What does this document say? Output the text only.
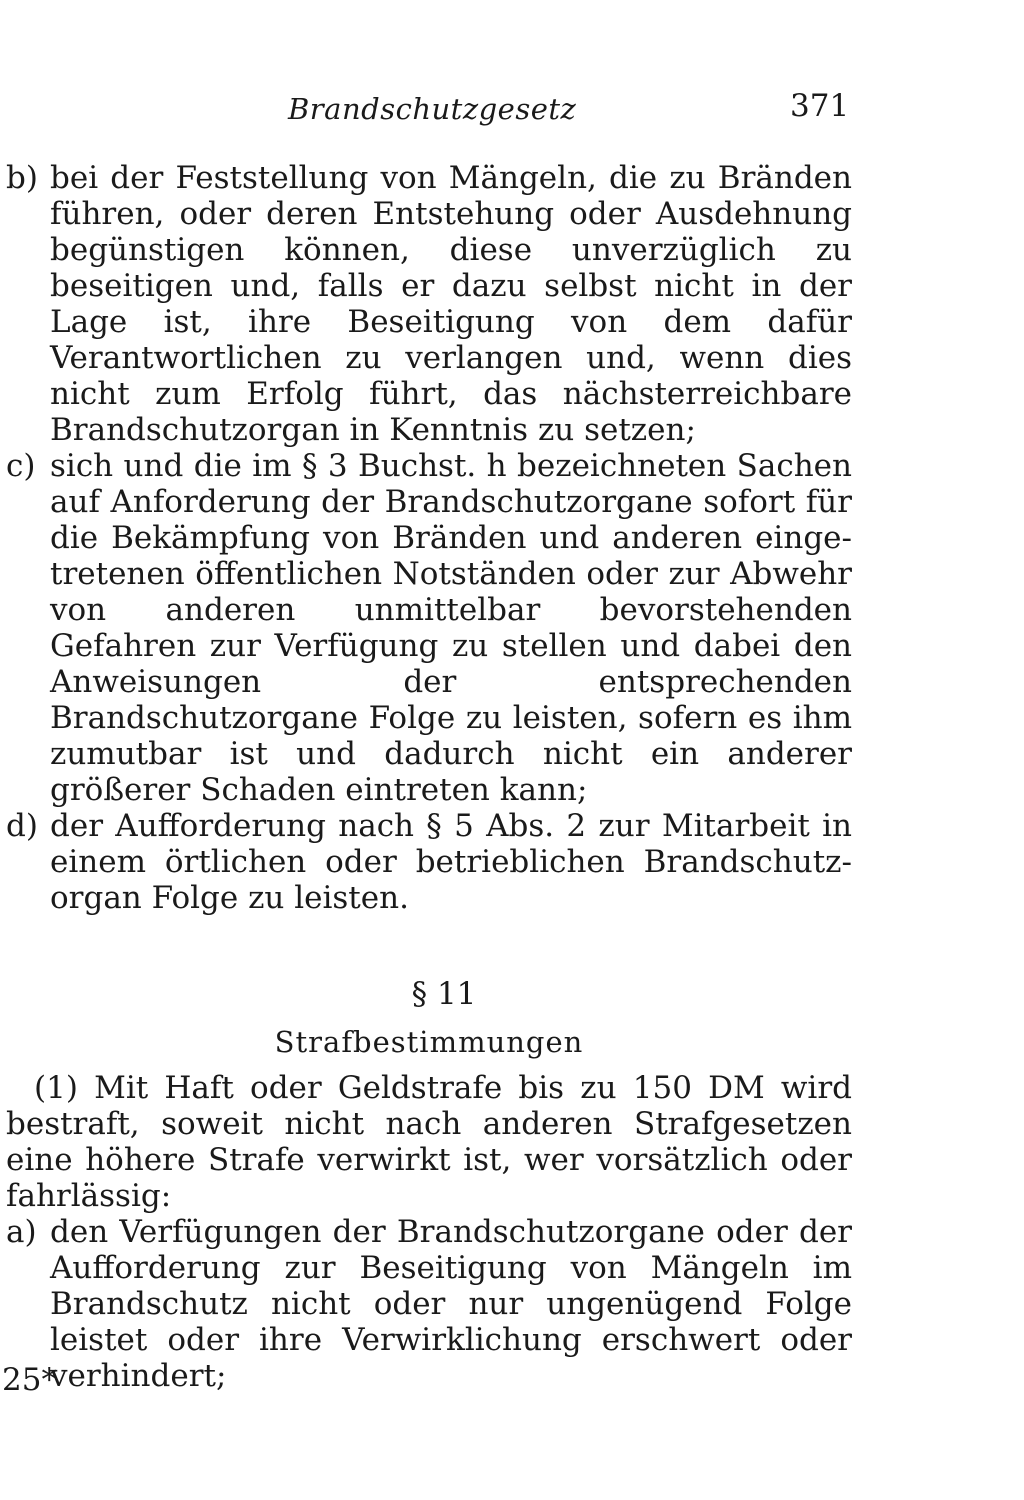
Brandschutzgesetz	371
b) bei der Feststellung von Mängeln, die zu Bränden führen, oder deren Entstehung oder Ausdehnung begünstigen können, diese unverzüglich zu beseitigen und, falls er dazu selbst nicht in der Lage ist, ihre Beseitigung von dem dafür Verantwortlichen zu verlangen und, wenn dies nicht zum Erfolg führt, das nächsterreichbare Brandschutzorgan in Kenntnis zu setzen;
c) sich und die im § 3 Buchst. h bezeichneten Sachen auf Anforderung der Brandschutzorgane sofort für die Bekämpfung von Bränden und anderen eingetretenen öffentlichen Notständen oder zur Abwehr von anderen unmittelbar bevorstehenden Gefahren zur Verfügung zu stellen und dabei den Anweisungen der entsprechenden Brandschutzorgane Folge zu leisten, sofern es ihm zumutbar ist und dadurch nicht ein anderer größerer Schaden eintreten kann;
d) der Aufforderung nach § 5 Abs. 2 zur Mitarbeit in einem örtlichen oder betrieblichen Brandschutzorgan Folge zu leisten.
§ 11
Strafbestimmungen
(1) Mit Haft oder Geldstrafe bis zu 150 DM wird bestraft, soweit nicht nach anderen Strafgesetzen eine höhere Strafe verwirkt ist, wer vorsätzlich oder fahrlässig:
a) den Verfügungen der Brandschutzorgane oder der Aufforderung zur Beseitigung von Mängeln im Brandschutz nicht oder nur ungenügend Folge leistet oder ihre Verwirklichung erschwert oder verhindert;
25*
